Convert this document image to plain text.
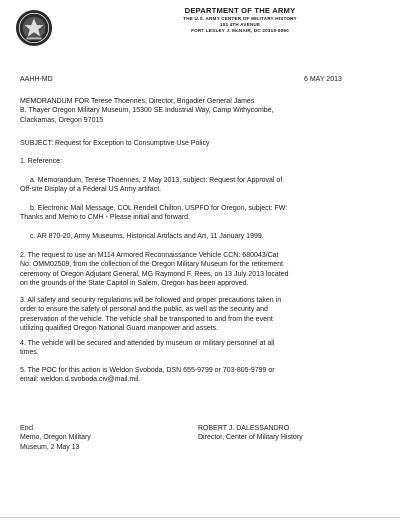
DEPARTMENT OF THE ARMY
THE U.S. ARMY CENTER OF MILITARY HISTORY
102 4TH AVENUE
FORT LESLEY J. McNAIR, DC 20319-5060
AAHH-MD	6 MAY 2013
MEMORANDUM FOR Terese Thoennes, Director, Brigadier General James
B. Thayer Oregon Military Museum, 15300 SE Industrial Way, Camp Withycombe,
Clackamas, Oregon 97015
SUBJECT: Request for Exception to Consumptive Use Policy
1. Reference:
a. Memorandum, Terese Thoennes, 2 May 2013, subject: Request for Approval of
Off-site Display of a Federal US Army artifact.
b. Electronic Mail Message, COL Rendell Chilton, USPFO for Oregon, subject: FW:
Thanks and Memo to CMH - Please initial and forward.
c. AR 870-20, Army Museums, Historical Artifacts and Art, 11 January 1999.
2. The request to use an M114 Armored Reconnaissance Vehicle CCN: 680043/Cat
No: OMM02509, from the collection of the Oregon Military Museum for the retirement
ceremony of Oregon Adjutant General, MG Raymond F. Rees, on 13 July 2013 located
on the grounds of the State Capitol in Salem, Oregon has been approved.
3. All safety and security regulations will be followed and proper precautions taken in
order to ensure the safety of personal and the public, as well as the security and
preservation of the vehicle. The vehicle shall be transported to and from the event
utilizing qualified Oregon National Guard manpower and assets.
4. The vehicle will be secured and attended by museum or military personnel at all
times.
5. The POC for this action is Weldon Svoboda, DSN 655-9799 or 703-805-9799 or
email: weldon.d.svoboda.civ@mail.mil.
Encl
Memo, Oregon Military
Museum, 2 May 13
ROBERT J. DALESSANDRO
Director, Center of Military History
